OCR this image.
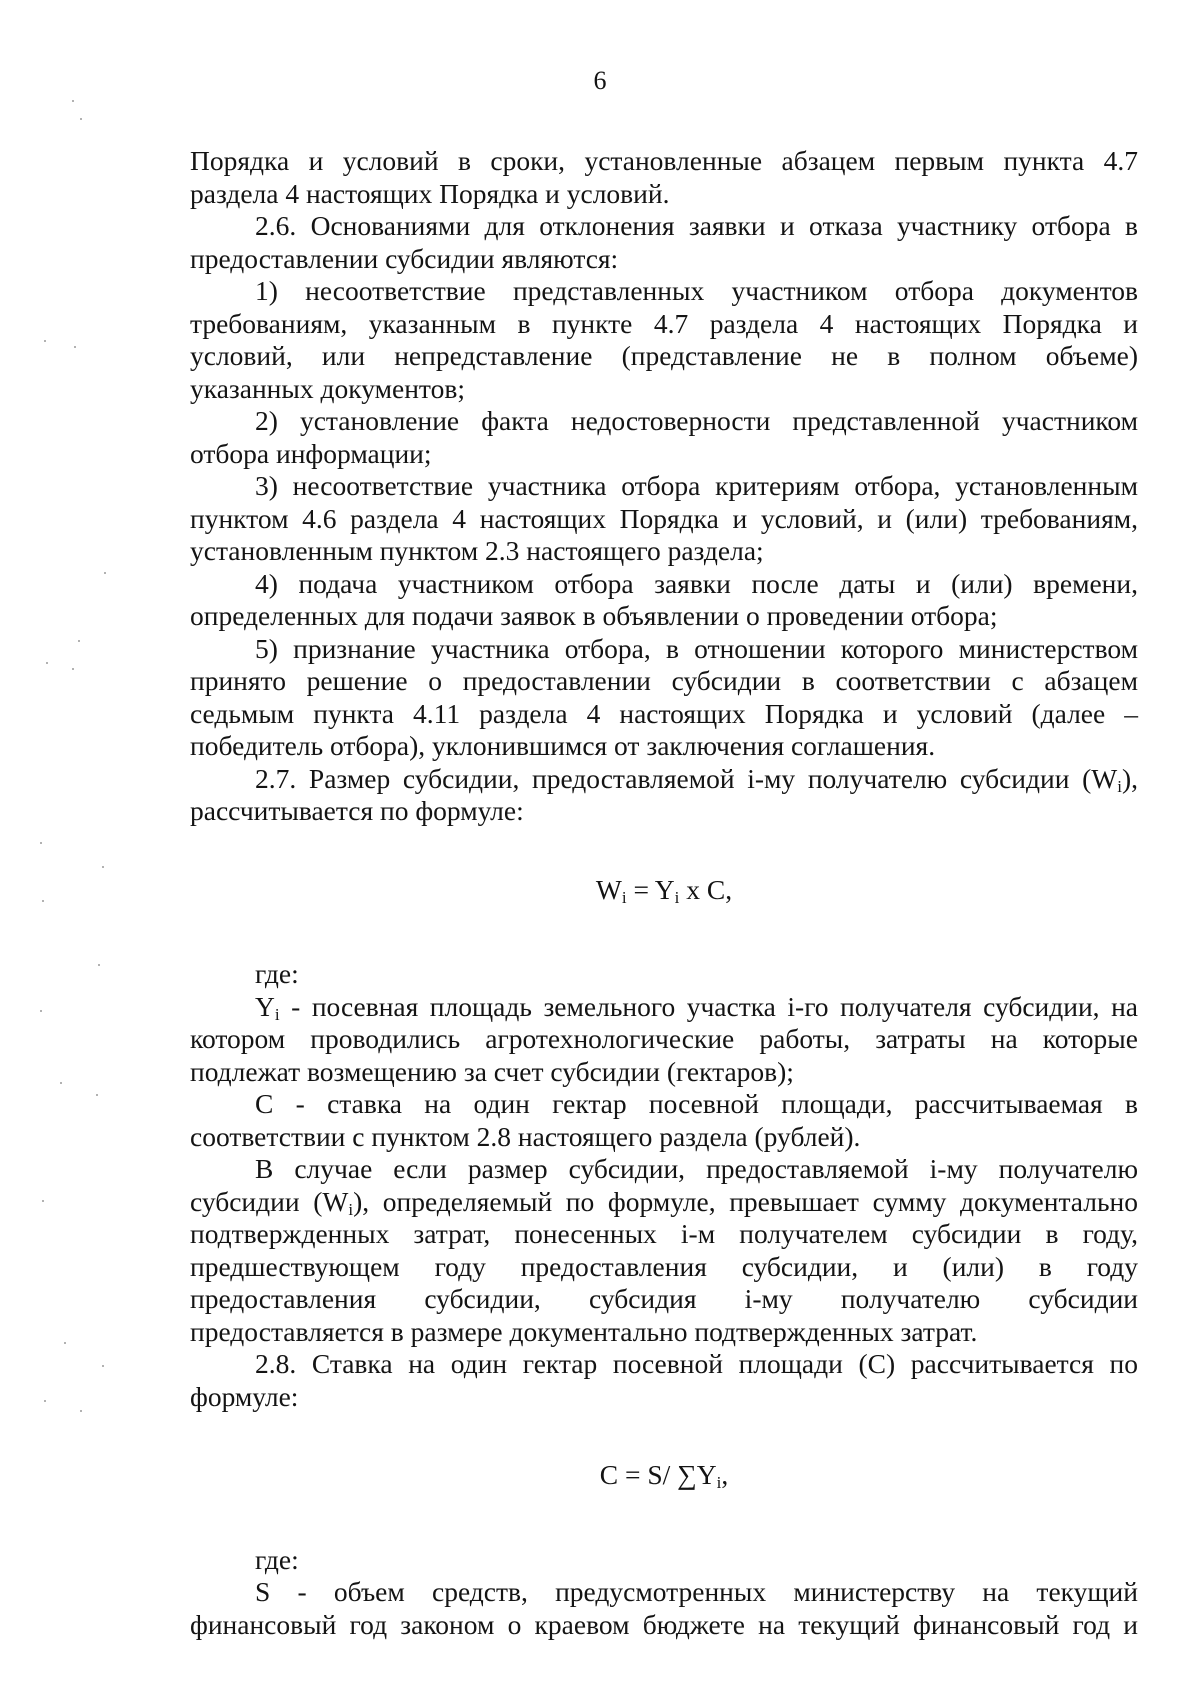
6
Порядка и условий в сроки, установленные абзацем первым пункта 4.7
раздела 4 настоящих Порядка и условий.
2.6. Основаниями для отклонения заявки и отказа участнику отбора в
предоставлении субсидии являются:
1) несоответствие представленных участником отбора документов
требованиям, указанным в пункте 4.7 раздела 4 настоящих Порядка и
условий, или непредставление (представление не в полном объеме)
указанных документов;
2) установление факта недостоверности представленной участником
отбора информации;
3) несоответствие участника отбора критериям отбора, установленным
пунктом 4.6 раздела 4 настоящих Порядка и условий, и (или) требованиям,
установленным пунктом 2.3 настоящего раздела;
4) подача участником отбора заявки после даты и (или) времени,
определенных для подачи заявок в объявлении о проведении отбора;
5) признание участника отбора, в отношении которого министерством
принято решение о предоставлении субсидии в соответствии с абзацем
седьмым пункта 4.11 раздела 4 настоящих Порядка и условий (далее –
победитель отбора), уклонившимся от заключения соглашения.
2.7. Размер субсидии, предоставляемой i-му получателю субсидии $(W_i)$,
рассчитывается по формуле:
$W_i = Y_i$ x C,
где:
$Y_i$ - посевная площадь земельного участка i-го получателя субсидии, на
котором проводились агротехнологические работы, затраты на которые
подлежат возмещению за счет субсидии (гектаров);
С - ставка на один гектар посевной площади, рассчитываемая в
соответствии с пунктом 2.8 настоящего раздела (рублей).
В случае если размер субсидии, предоставляемой i-му получателю
субсидии $(W_i)$, определяемый по формуле, превышает сумму документально
подтвержденных затрат, понесенных i-м получателем субсидии в году,
предшествующем году предоставления субсидии, и (или) в году
предоставления субсидии, субсидия i-му получателю субсидии
предоставляется в размере документально подтвержденных затрат.
2.8. Ставка на один гектар посевной площади (С) рассчитывается по
формуле:
C = S/ $\sum Y_i$,
где:
S - объем средств, предусмотренных министерству на текущий
финансовый год законом о краевом бюджете на текущий финансовый год и
